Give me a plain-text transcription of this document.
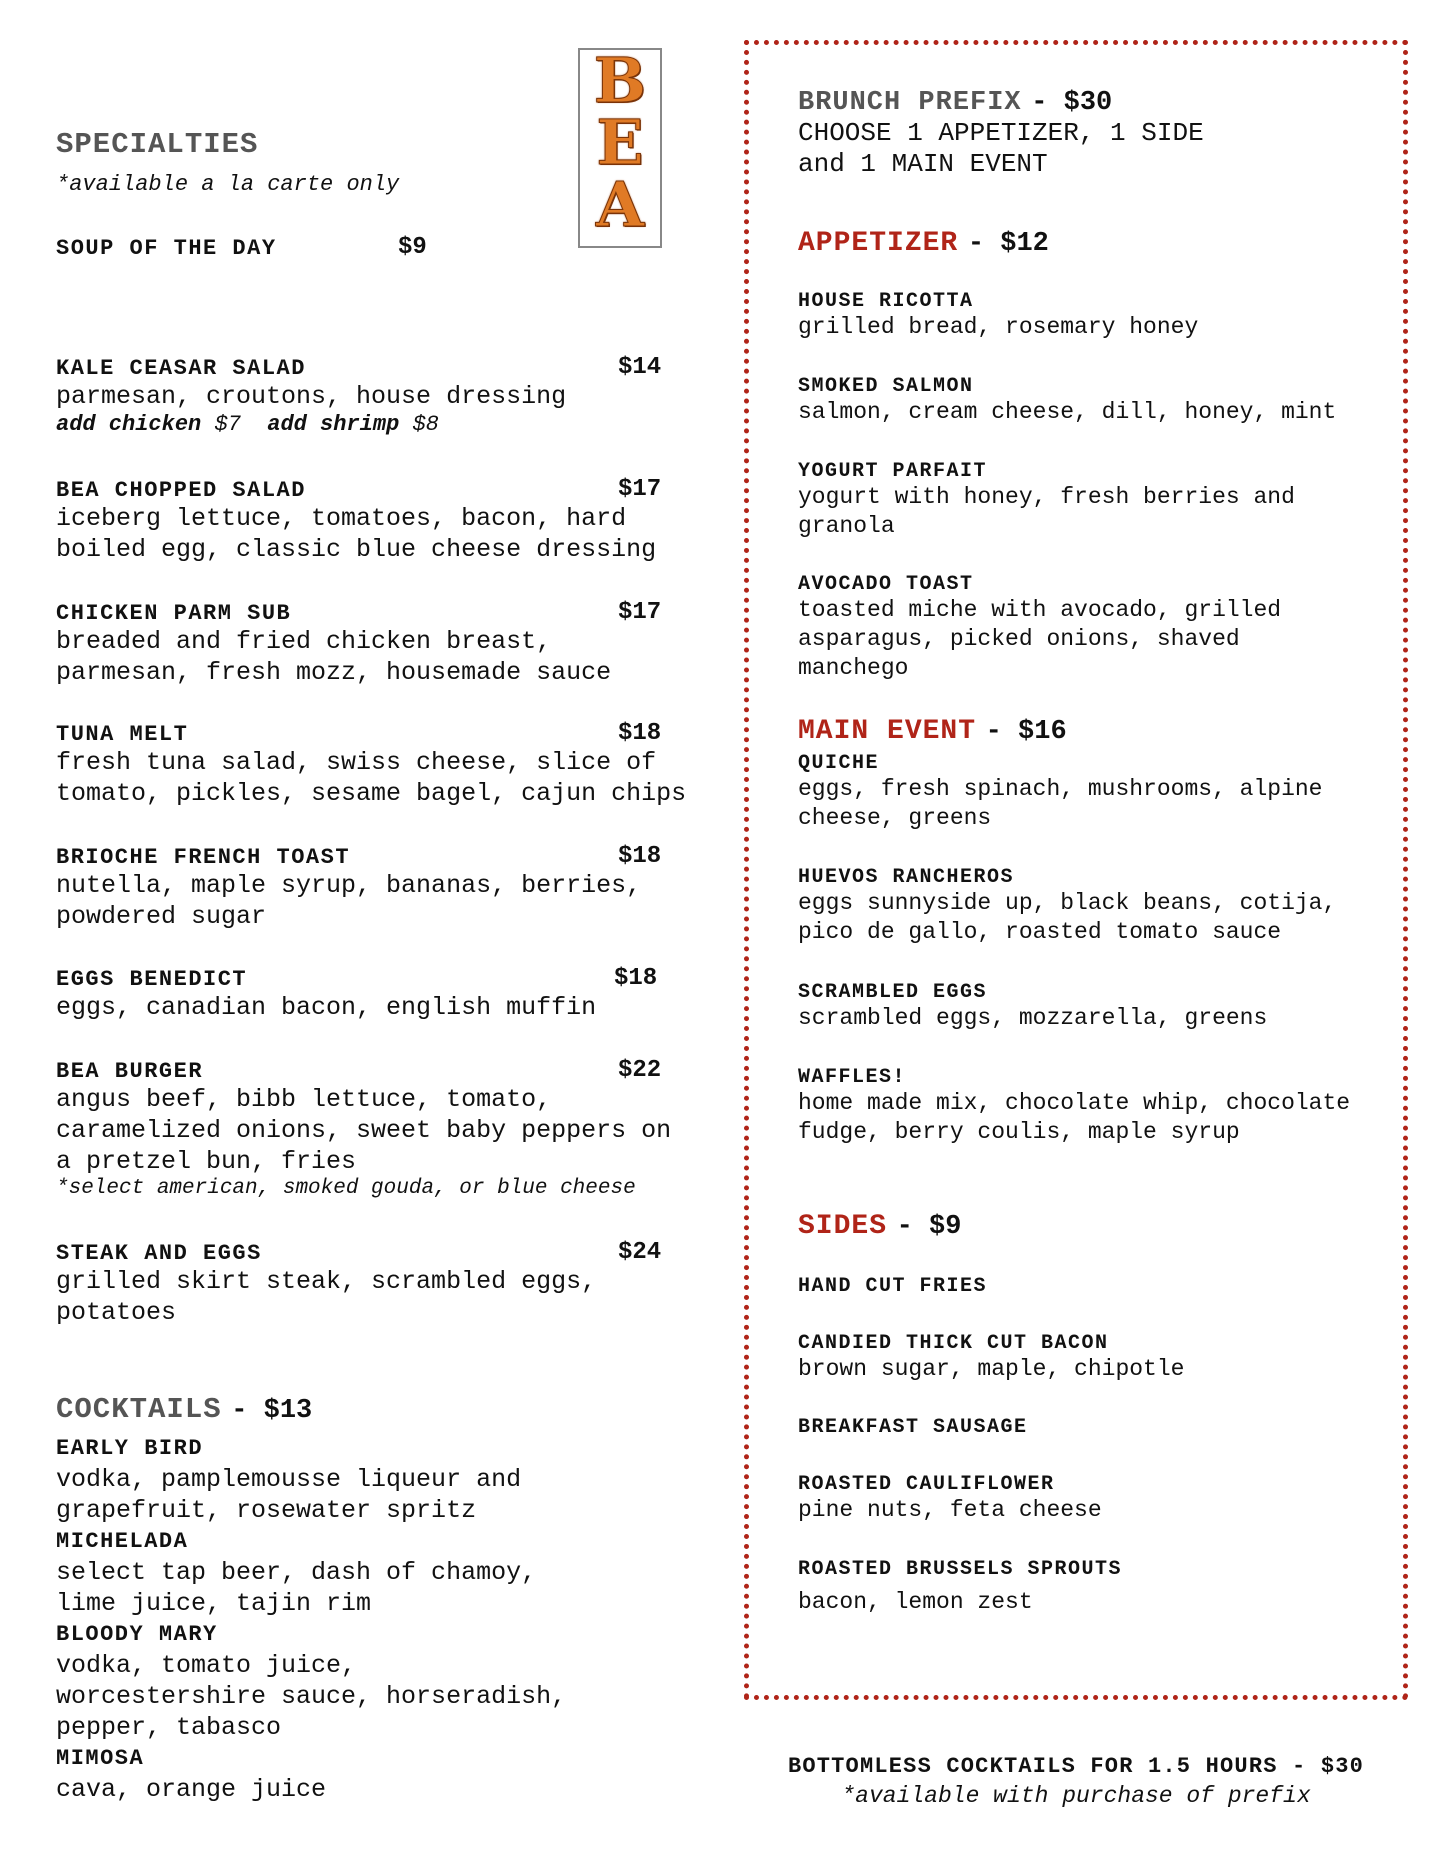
B
E
A
SPECIALTIES
*available a la carte only
SOUP OF THE DAY	$9
KALE CEASAR SALAD	$14
parmesan, croutons, house dressing
add chicken $7 add shrimp $8
BEA CHOPPED SALAD	$17
iceberg lettuce, tomatoes, bacon, hard
boiled egg, classic blue cheese dressing
CHICKEN PARM SUB	$17
breaded and fried chicken breast,
parmesan, fresh mozz, housemade sauce
TUNA MELT	$18
fresh tuna salad, swiss cheese, slice of
tomato, pickles, sesame bagel, cajun chips
BRIOCHE FRENCH TOAST	$18
nutella, maple syrup, bananas, berries,
powdered sugar
EGGS BENEDICT	$18
eggs, canadian bacon, english muffin
BEA BURGER	$22
angus beef, bibb lettuce, tomato,
caramelized onions, sweet baby peppers on
a pretzel bun, fries
*select american, smoked gouda, or blue cheese
STEAK AND EGGS	$24
grilled skirt steak, scrambled eggs,
potatoes
COCKTAILS - $13
EARLY BIRD
vodka, pamplemousse liqueur and
grapefruit, rosewater spritz
MICHELADA
select tap beer, dash of chamoy,
lime juice, tajin rim
BLOODY MARY
vodka, tomato juice,
worcestershire sauce, horseradish,
pepper, tabasco
MIMOSA
cava, orange juice
BRUNCH PREFIX - $30
CHOOSE 1 APPETIZER, 1 SIDE
and 1 MAIN EVENT
APPETIZER - $12
HOUSE RICOTTA
grilled bread, rosemary honey
SMOKED SALMON
salmon, cream cheese, dill, honey, mint
YOGURT PARFAIT
yogurt with honey, fresh berries and
granola
AVOCADO TOAST
toasted miche with avocado, grilled
asparagus, picked onions, shaved
manchego
MAIN EVENT - $16
QUICHE
eggs, fresh spinach, mushrooms, alpine
cheese, greens
HUEVOS RANCHEROS
eggs sunnyside up, black beans, cotija,
pico de gallo, roasted tomato sauce
SCRAMBLED EGGS
scrambled eggs, mozzarella, greens
WAFFLES!
home made mix, chocolate whip, chocolate
fudge, berry coulis, maple syrup
SIDES - $9
HAND CUT FRIES
CANDIED THICK CUT BACON
brown sugar, maple, chipotle
BREAKFAST SAUSAGE
ROASTED CAULIFLOWER
pine nuts, feta cheese
ROASTED BRUSSELS SPROUTS
bacon, lemon zest
BOTTOMLESS COCKTAILS FOR 1.5 HOURS - $30
*available with purchase of prefix
